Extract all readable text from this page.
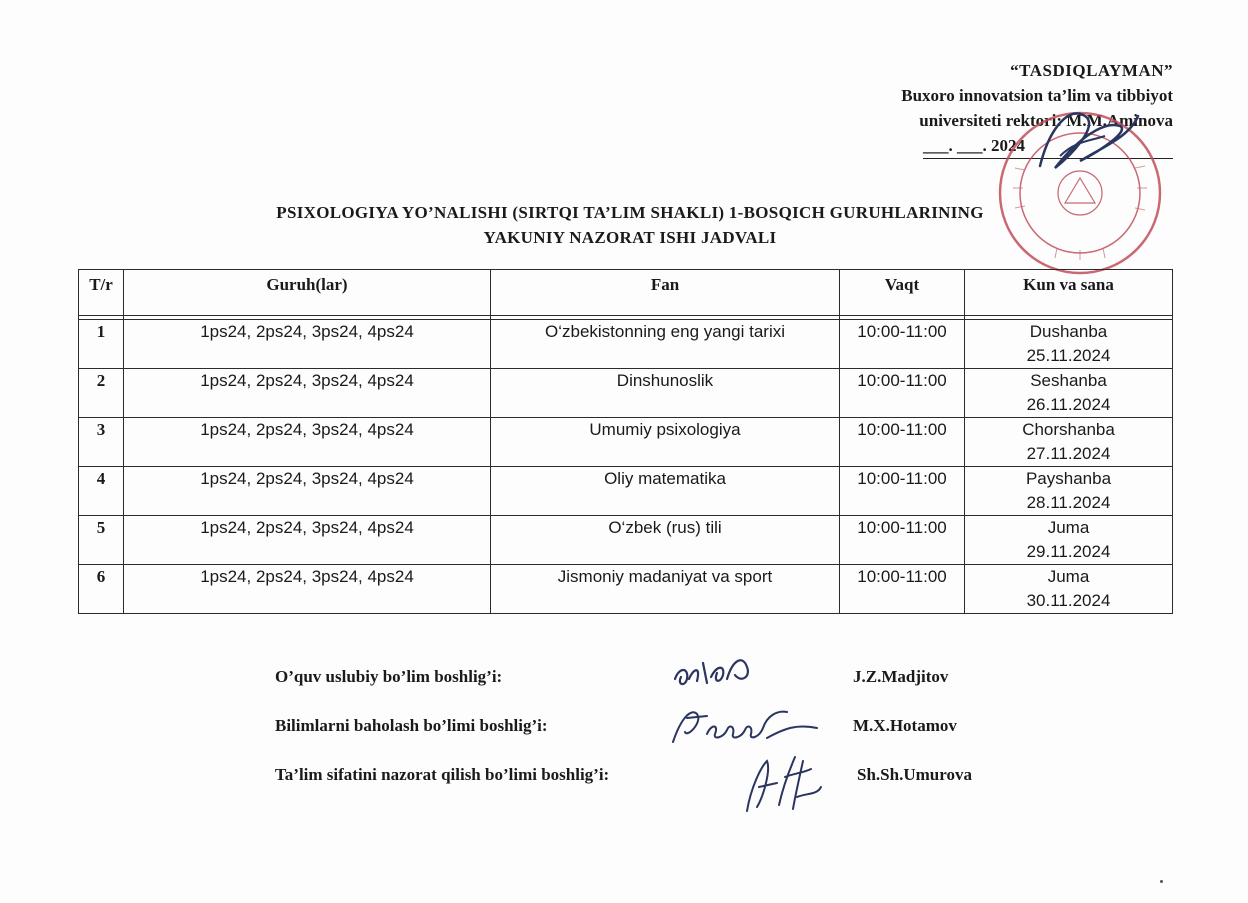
“TASDIQLAYMAN”
Buxoro innovatsion ta’lim va tibbiyot
universiteti rektori: M.M.Aminova
___. ___. 2024
PSIXOLOGIYA YO’NALISHI (SIRTQI TA’LIM SHAKLI) 1-BOSQICH GURUHLARINING
YAKUNIY NAZORAT ISHI JADVALI
T/r	Guruh(lar)	Fan	Vaqt	Kun va sana

1	1ps24, 2ps24, 3ps24, 4ps24	O‘zbekistonning eng yangi tarixi	10:00-11:00	Dushanba
25.11.2024

2	1ps24, 2ps24, 3ps24, 4ps24	Dinshunoslik	10:00-11:00	Seshanba
26.11.2024

3	1ps24, 2ps24, 3ps24, 4ps24	Umumiy psixologiya	10:00-11:00	Chorshanba
27.11.2024

4	1ps24, 2ps24, 3ps24, 4ps24	Oliy matematika	10:00-11:00	Payshanba
28.11.2024

5	1ps24, 2ps24, 3ps24, 4ps24	O‘zbek (rus) tili	10:00-11:00	Juma
29.11.2024

6	1ps24, 2ps24, 3ps24, 4ps24	Jismoniy madaniyat va sport	10:00-11:00	Juma
30.11.2024
O’quv uslubiy bo’lim boshlig’i:	J.Z.Madjitov
Bilimlarni baholash bo’limi boshlig’i:	M.X.Hotamov
Ta’lim sifatini nazorat qilish bo’limi boshlig’i:	Sh.Sh.Umurova
